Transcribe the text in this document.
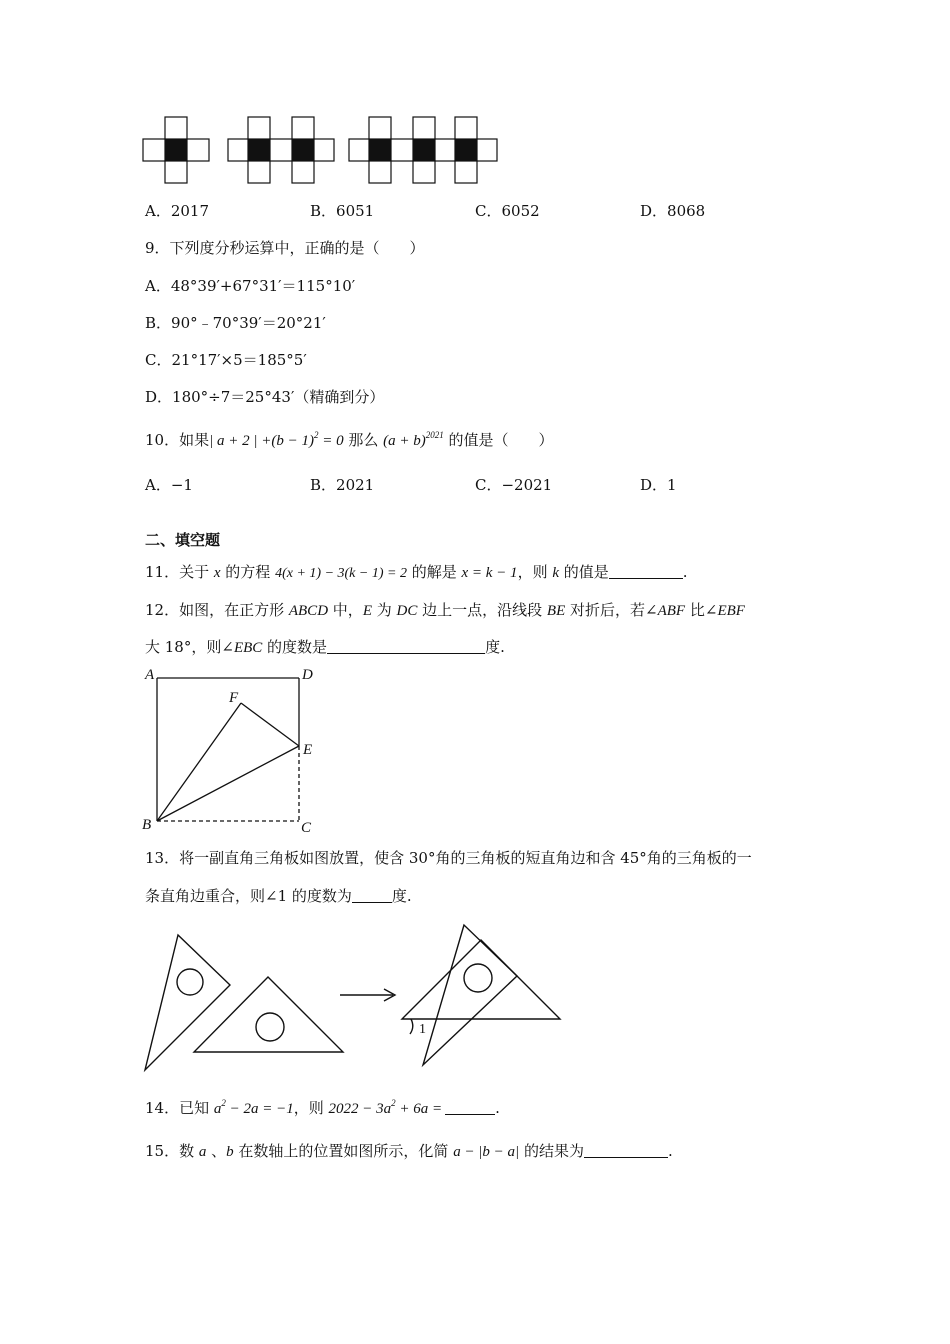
A．2017	B．6051	C．6052	D．8068
9．下列度分秒运算中，正确的是（　　）
A．48°39′+67°31′＝115°10′
B．90°﹣70°39′＝20°21′
C．21°17′×5＝185°5′
D．180°÷7＝25°43′（精确到分）
10．如果| a + 2 | $+(b - 1)^2 = 0$ 那么 $(a + b)^{2021}$ 的值是（　　）
A．−1	B．2021	C．−2021	D．1
二、填空题
11．关于 x 的方程 4(x + 1) − 3(k − 1) = 2 的解是 x = k − 1，则 k 的值是	.
12．如图，在正方形 ABCD 中，E 为 DC 边上一点，沿线段 BE 对折后，若∠ABF 比∠EBF
大 18°，则∠EBC 的度数是	度.
A	D
F
E
B	C
13．将一副直角三角板如图放置，使含 30°角的三角板的短直角边和含 45°角的三角板的一
条直角边重合，则∠1 的度数为	度.
1
14．已知 $a^2 - 2a = -1$，则 $2022 - 3a^2 + 6a$ =	.
15．数 a 、b 在数轴上的位置如图所示，化简 a − |b − a| 的结果为	.
